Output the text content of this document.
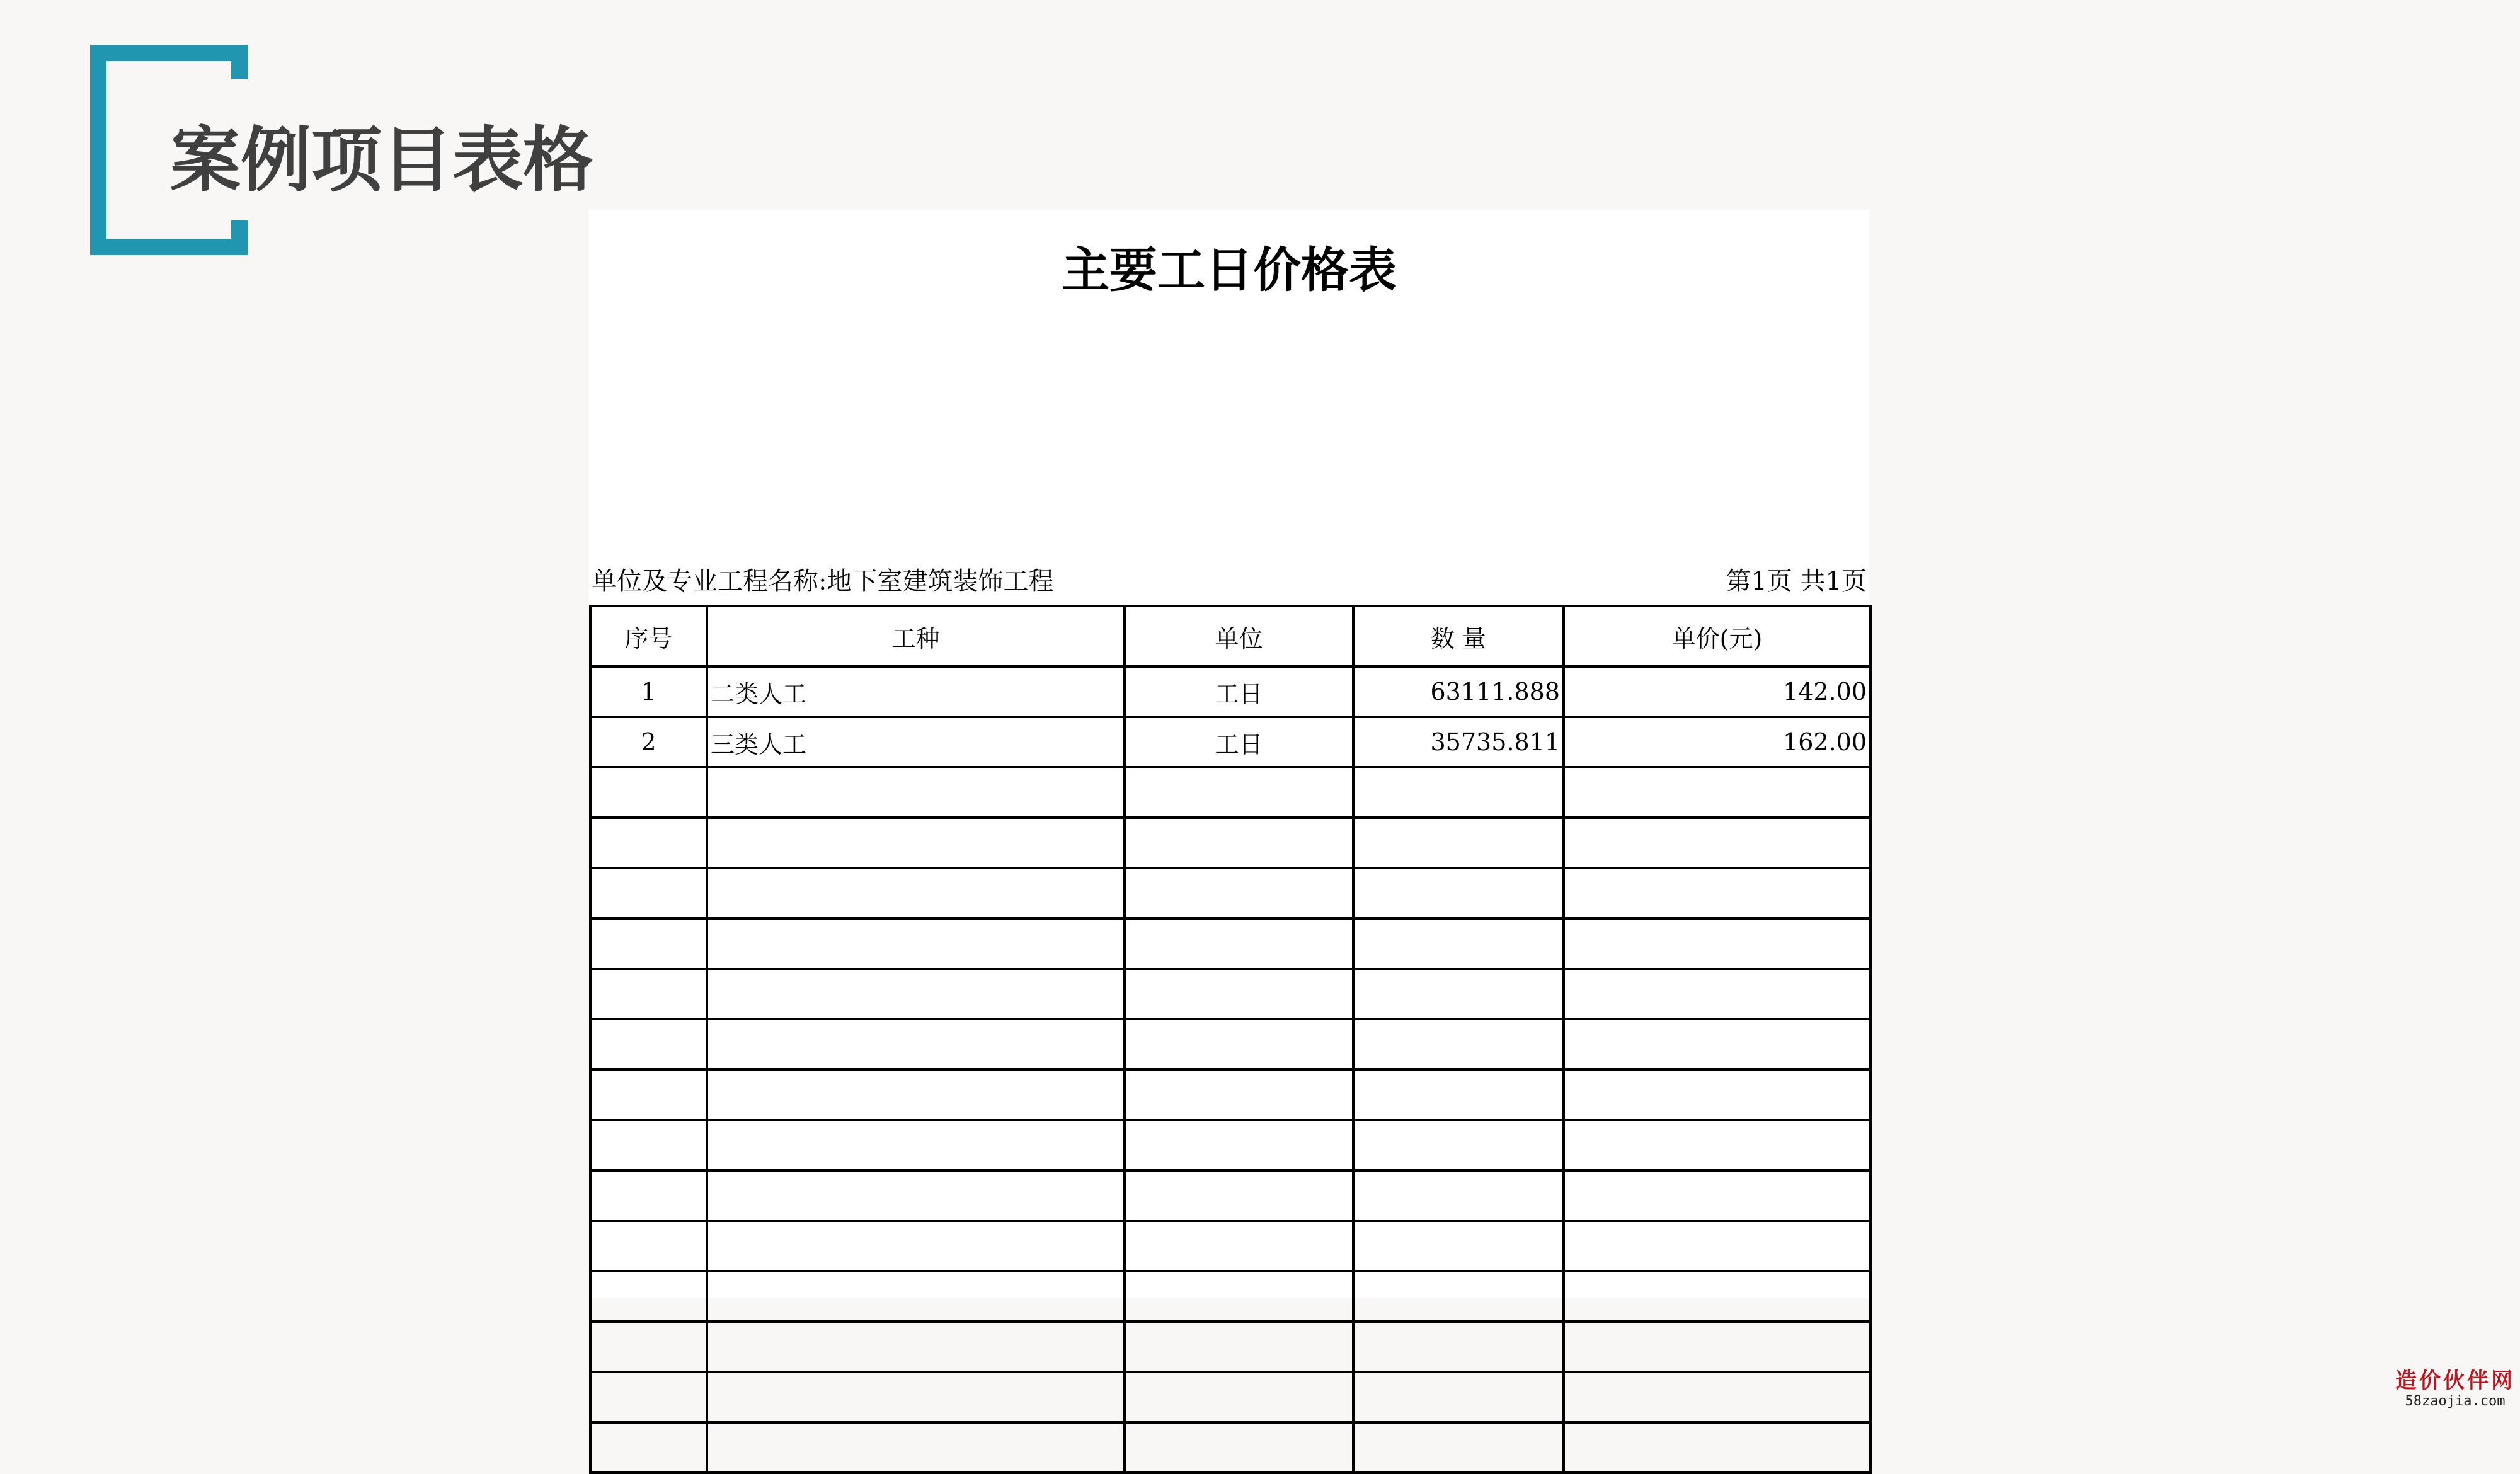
案例项目表格
主要工日价格表
单位及专业工程名称:地下室建筑装饰工程	第1页 共1页
序号	工种	单位	数 量	单价(元)
1	二类人工	工日	63111.888	142.00
2	三类人工	工日	35735.811	162.00

造价伙伴网
58zaojia.com
